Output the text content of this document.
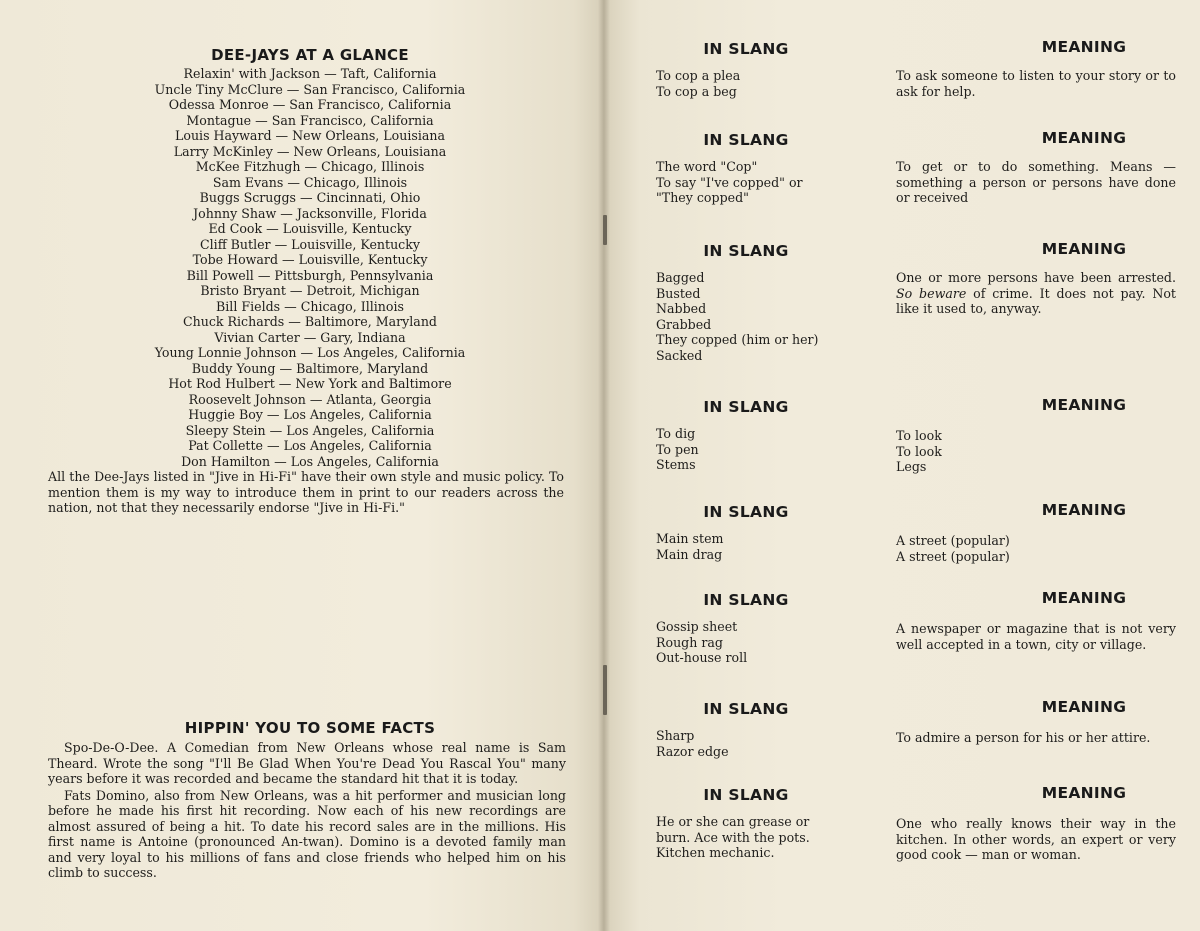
DEE-JAYS AT A GLANCE
Relaxin' with Jackson — Taft, California
Uncle Tiny McClure — San Francisco, California
Odessa Monroe — San Francisco, California
Montague — San Francisco, California
Louis Hayward — New Orleans, Louisiana
Larry McKinley — New Orleans, Louisiana
McKee Fitzhugh — Chicago, Illinois
Sam Evans — Chicago, Illinois
Buggs Scruggs — Cincinnati, Ohio
Johnny Shaw — Jacksonville, Florida
Ed Cook — Louisville, Kentucky
Cliff Butler — Louisville, Kentucky
Tobe Howard — Louisville, Kentucky
Bill Powell — Pittsburgh, Pennsylvania
Bristo Bryant — Detroit, Michigan
Bill Fields — Chicago, Illinois
Chuck Richards — Baltimore, Maryland
Vivian Carter — Gary, Indiana
Young Lonnie Johnson — Los Angeles, California
Buddy Young — Baltimore, Maryland
Hot Rod Hulbert — New York and Baltimore
Roosevelt Johnson — Atlanta, Georgia
Huggie Boy — Los Angeles, California
Sleepy Stein — Los Angeles, California
Pat Collette — Los Angeles, California
Don Hamilton — Los Angeles, California

All the Dee-Jays listed in "Jive in Hi-Fi" have their own style and music policy. To mention them is my way to introduce them in print to our readers across the nation, not that they necessarily endorse "Jive in Hi-Fi."

HIPPIN' YOU TO SOME FACTS

Spo-De-O-Dee. A Comedian from New Orleans whose real name is Sam Theard. Wrote the song "I'll Be Glad When You're Dead You Rascal You" many years before it was recorded and became the standard hit that it is today.

Fats Domino, also from New Orleans, was a hit performer and musician long before he made his first hit recording. Now each of his new recordings are almost assured of being a hit. To date his record sales are in the millions. His first name is Antoine (pronounced An-twan). Domino is a devoted family man and very loyal to his millions of fans and close friends who helped him on his climb to success.

IN SLANG
To cop a plea
To cop a beg
MEANING

To ask someone to listen to your story or to ask for help.

IN SLANG
The word "Cop"
To say "I've copped" or
"They copped"
MEANING

To get or to do something. Means — something a person or persons have done or received

IN SLANG
Bagged
Busted
Nabbed
Grabbed
They copped (him or her)
Sacked
MEANING

One or more persons have been arrested. So beware of crime. It does not pay. Not like it used to, anyway.

IN SLANG
To dig
To pen
Stems
MEANING
To look
To look
Legs
IN SLANG
Main stem
Main drag
MEANING
A street (popular)
A street (popular)
IN SLANG
Gossip sheet
Rough rag
Out-house roll
MEANING

A newspaper or magazine that is not very well accepted in a town, city or village.

IN SLANG
Sharp
Razor edge
MEANING

To admire a person for his or her attire.

IN SLANG
He or she can grease or
burn. Ace with the pots.
Kitchen mechanic.
MEANING

One who really knows their way in the kitchen. In other words, an expert or very good cook — man or woman.
